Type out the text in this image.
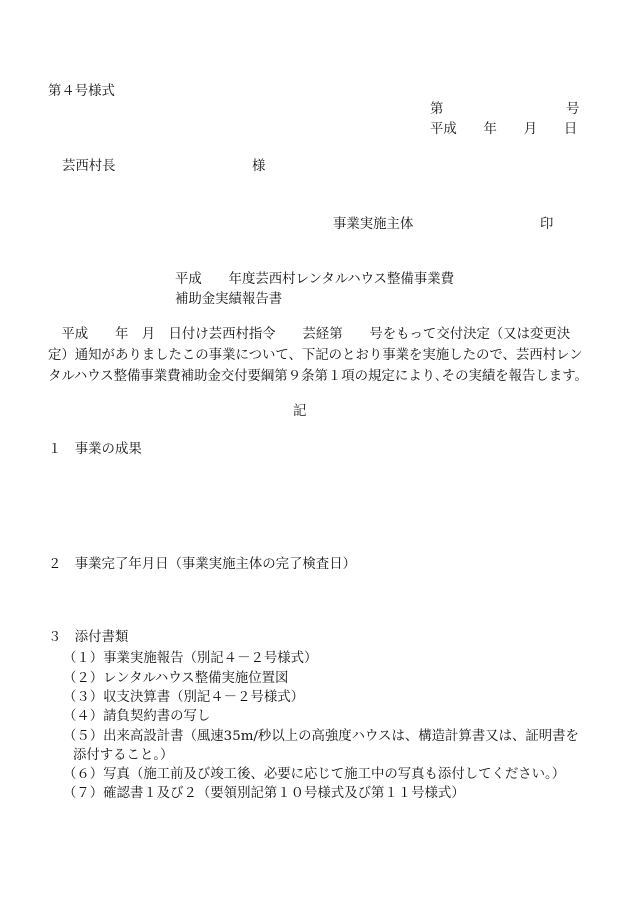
第４号様式
第	号
平成　　年　　月　　日
芸西村長	様
事業実施主体	印
平成　　年度芸西村レンタルハウス整備事業費
補助金実績報告書
　平成　　年　月　日付け芸西村指令　　芸経第　　号をもって交付決定（又は変更決
定）通知がありましたこの事業について、下記のとおり事業を実施したので、芸西村レン
タルハウス整備事業費補助金交付要綱第９条第１項の規定により､その実績を報告します。
記
１　事業の成果
２　事業完了年月日（事業実施主体の完了検査日）
３　添付書類
（１）事業実施報告（別記４－２号様式）
（２）レンタルハウス整備実施位置図
（３）収支決算書（別記４－２号様式）
（４）請負契約書の写し
（５）出来高設計書（風速35m/秒以上の高強度ハウスは、構造計算書又は、証明書を
添付すること。）
（６）写真（施工前及び竣工後、必要に応じて施工中の写真も添付してください。）
（７）確認書１及び２（要領別記第１０号様式及び第１１号様式）
